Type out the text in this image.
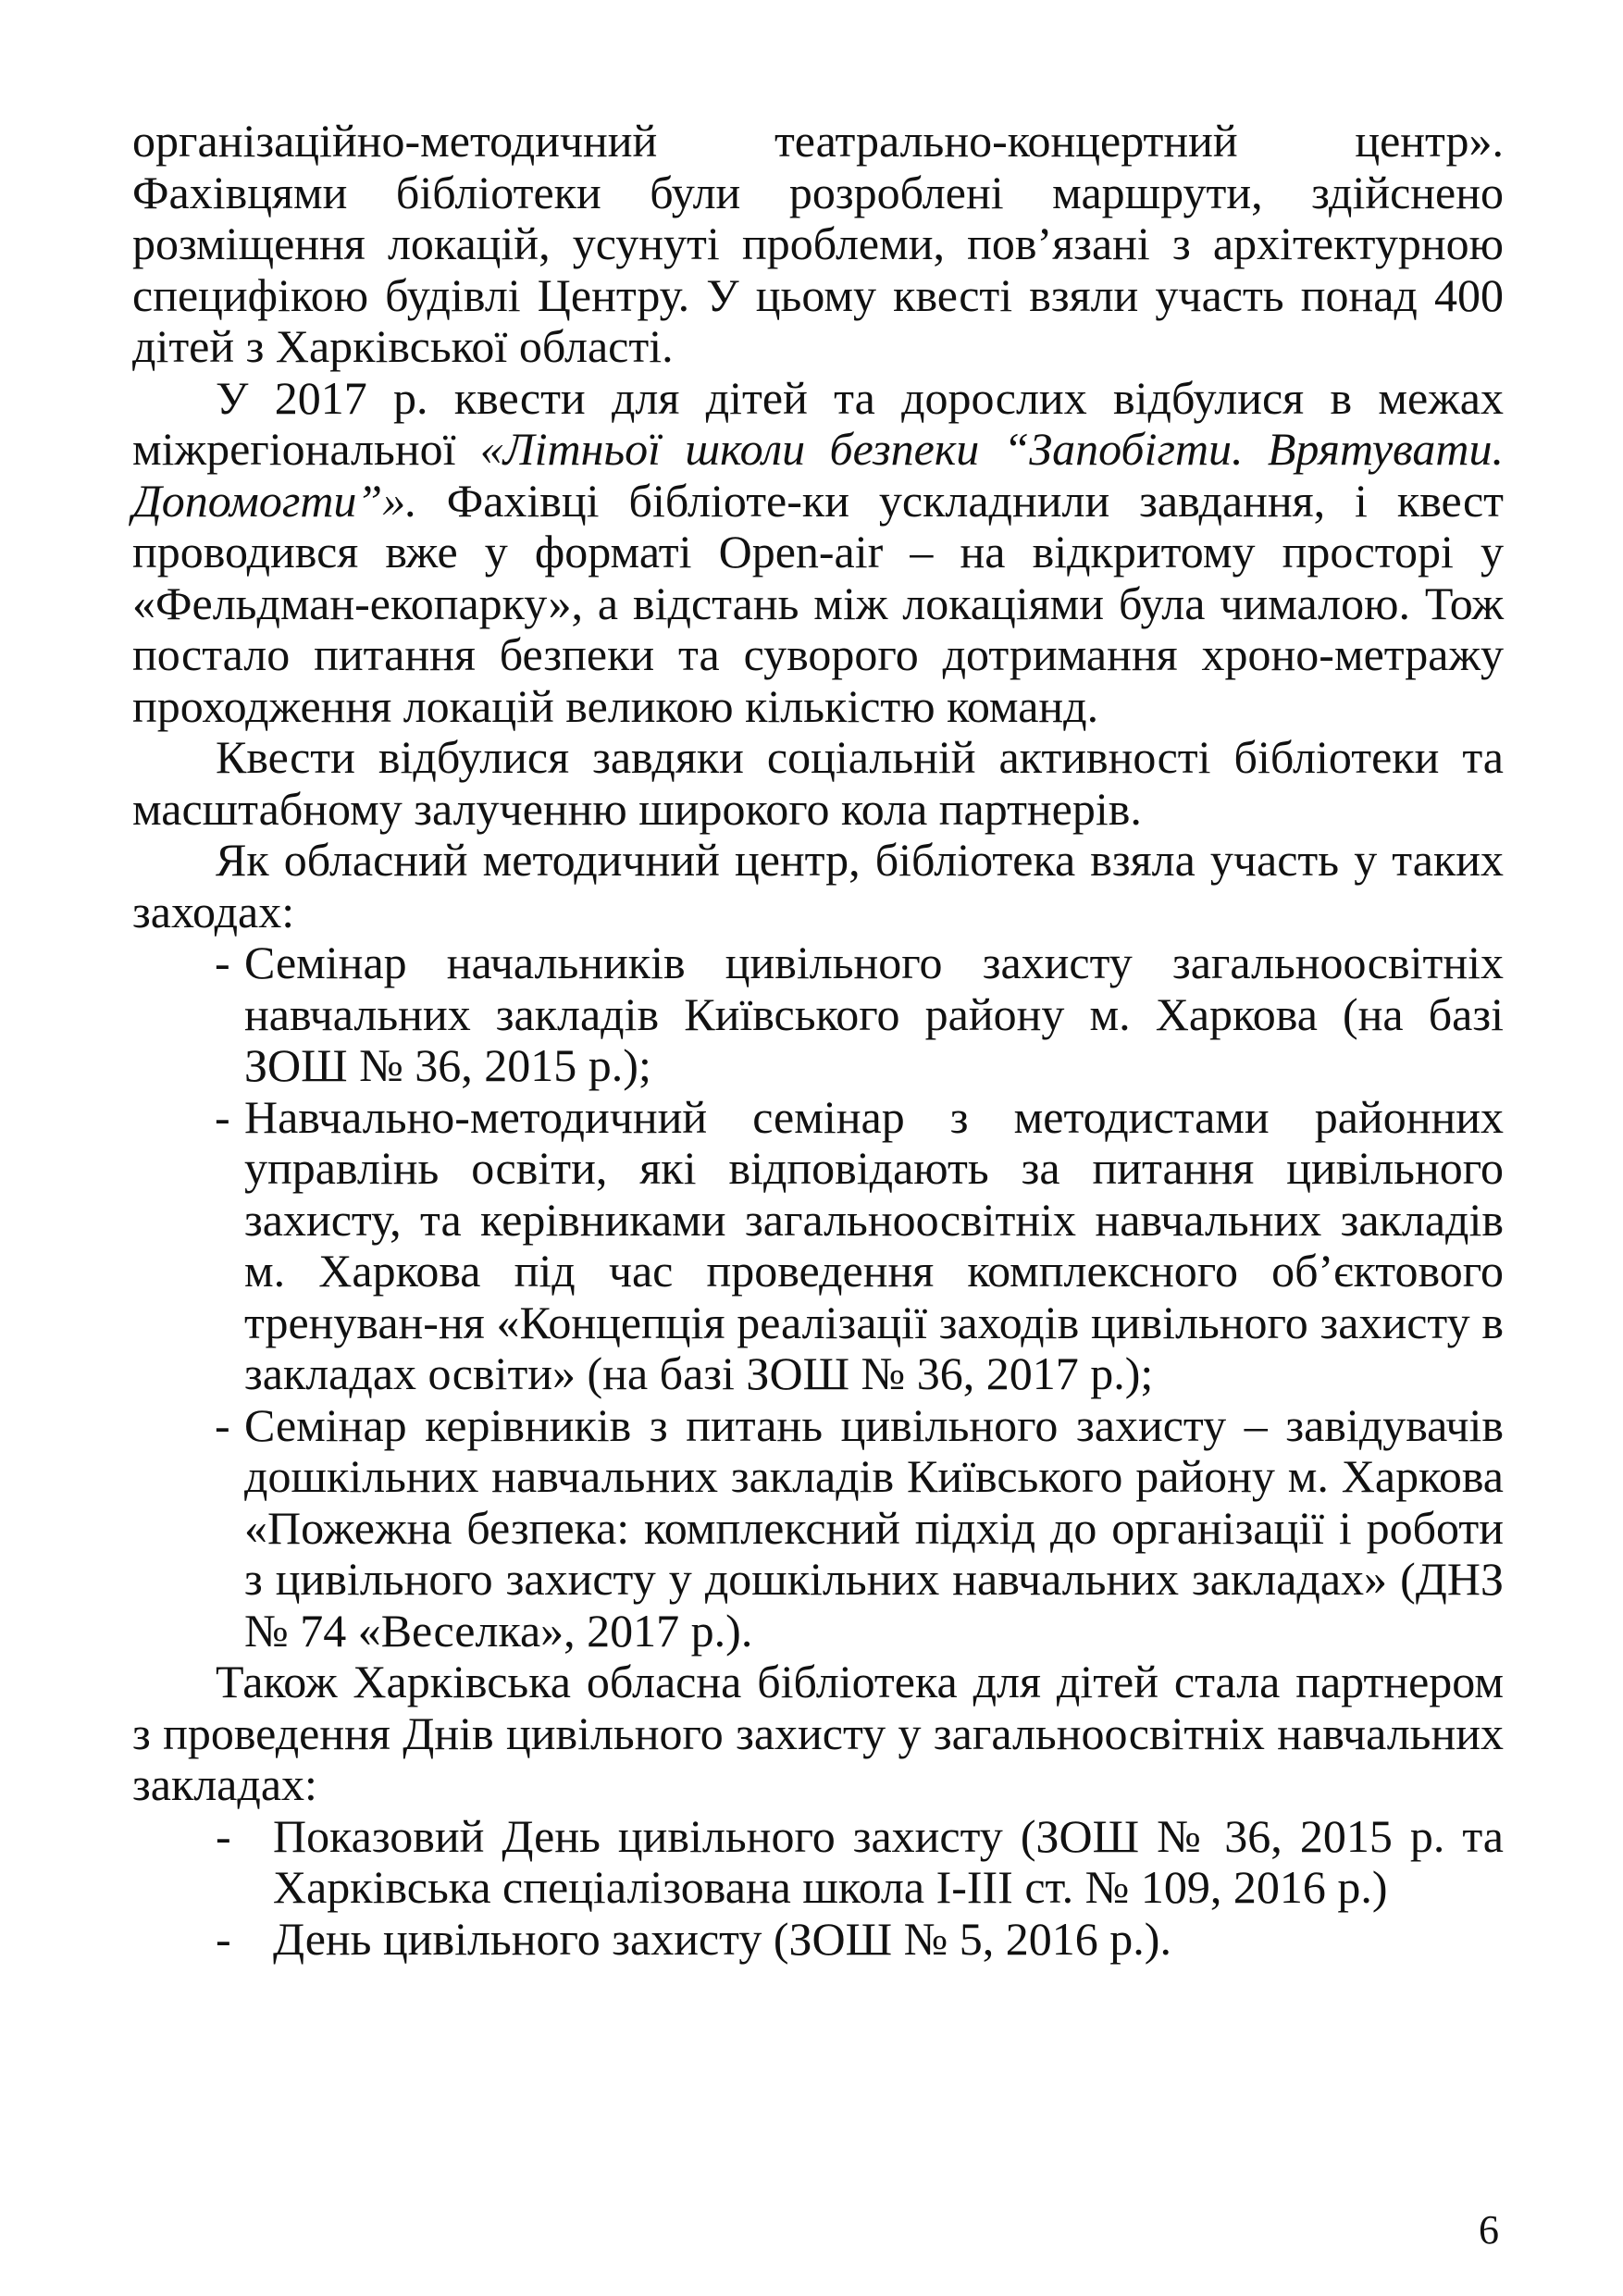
організаційно-методичний театрально-концертний центр». Фахівцями бібліотеки були розроблені маршрути, здійснено розміщення локацій, усунуті проблеми, пов’язані з архітектурною специфікою будівлі Центру. У цьому квесті взяли участь понад 400 дітей з Харківської області.

У 2017 р. квести для дітей та дорослих відбулися в межах міжрегіональної «Літньої школи безпеки “Запобігти. Врятувати. Допомогти”». Фахівці бібліоте-ки ускладнили завдання, і квест проводився вже у форматі Open-air – на відкритому просторі у «Фельдман-екопарку», а відстань між локаціями була чималою. Тож постало питання безпеки та суворого дотримання хроно-метражу проходження локацій великою кількістю команд.

Квести відбулися завдяки соціальній активності бібліотеки та масштабному залученню широкого кола партнерів.

Як обласний методичний центр, бібліотека взяла участь у таких заходах:

- Семінар начальників цивільного захисту загальноосвітніх навчальних закладів Київського району м. Харкова (на базі ЗОШ № 36, 2015 р.);
- Навчально-методичний семінар з методистами районних управлінь освіти, які відповідають за питання цивільного захисту, та керівниками загальноосвітніх навчальних закладів м. Харкова під час проведення комплексного об’єктового тренуван-ня «Концепція реалізації заходів цивільного захисту в закладах освіти» (на базі ЗОШ № 36, 2017 р.);
- Семінар керівників з питань цивільного захисту – завідувачів дошкільних навчальних закладів Київського району м. Харкова «Пожежна безпека: комплексний підхід до організації і роботи з цивільного захисту у дошкільних навчальних закладах» (ДНЗ № 74 «Веселка», 2017 р.).

Також Харківська обласна бібліотека для дітей стала партнером з проведення Днів цивільного захисту у загальноосвітніх навчальних закладах:

- Показовий День цивільного захисту (ЗОШ № 36, 2015 р. та Харківська спеціалізована школа І-ІІІ ст. № 109, 2016 р.)
- День цивільного захисту (ЗОШ № 5, 2016 р.).
6
